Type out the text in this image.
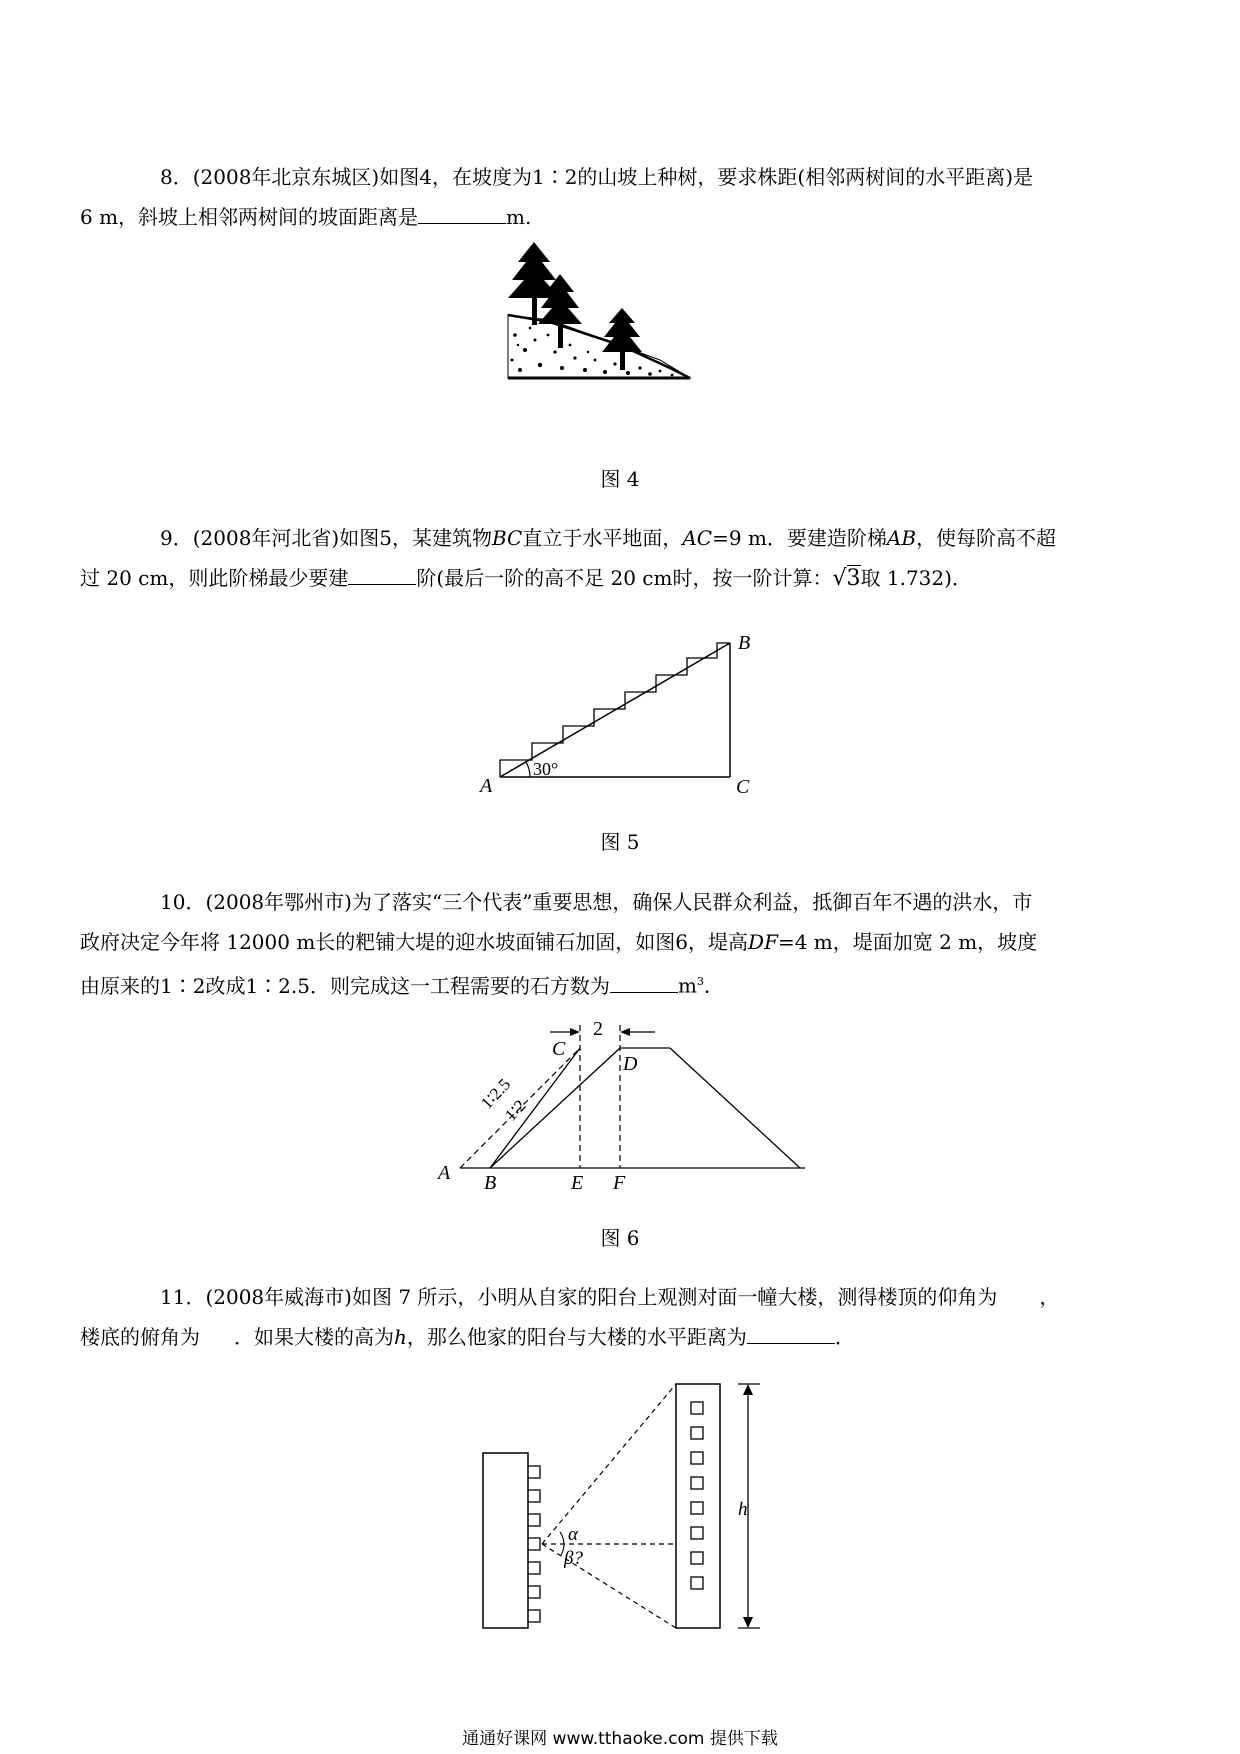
8．(2008年北京东城区)如图4，在坡度为1∶2的山坡上种树，要求株距(相邻两树间的水平距离)是
6 m，斜坡上相邻两树间的坡面距离是	m.
图 4
9．(2008年河北省)如图5，某建筑物BC直立于水平地面，AC=9 m．要建造阶梯AB，使每阶高不超
过 20 cm，则此阶梯最少要建	阶(最后一阶的高不足 20 cm时，按一阶计算：√3取 1.732)．
30°
A
B
C
图 5
10．(2008年鄂州市)为了落实“三个代表”重要思想，确保人民群众利益，抵御百年不遇的洪水，市
政府决定今年将 12000 m长的粑铺大堤的迎水坡面铺石加固，如图6，堤高DF=4 m，堤面加宽 2 m，坡度
由原来的1∶2改成1∶2.5．则完成这一工程需要的石方数为	$m^3$．
2
1∶2.5
1∶2
A B
C
D
E F
图 6
11．(2008年威海市)如图 7 所示，小明从自家的阳台上观测对面一幢大楼，测得楼顶的仰角为 ，
楼底的俯角为 ．如果大楼的高为h，那么他家的阳台与大楼的水平距离为	．
α
β?
h
通通好课网 www.tthaoke.com 提供下载
